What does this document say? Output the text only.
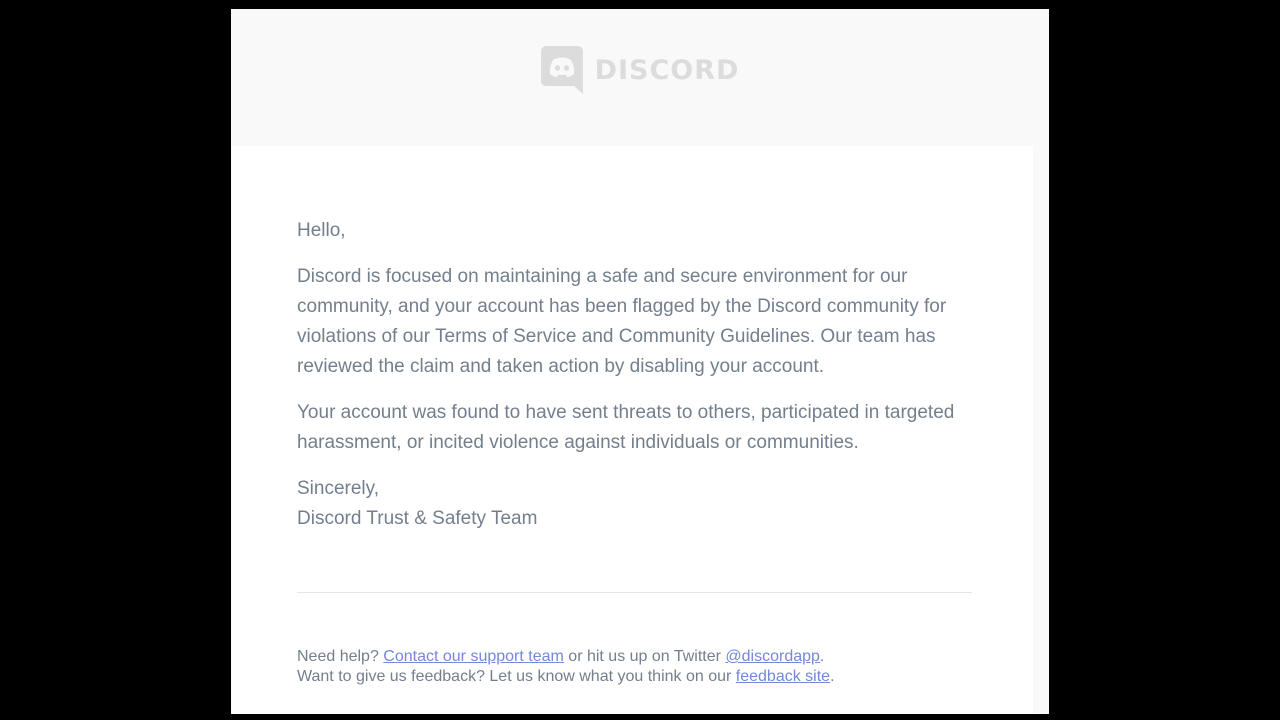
DISCORD

Hello,

Discord is focused on maintaining a safe and secure environment for our community, and your account has been flagged by the Discord community for violations of our Terms of Service and Community Guidelines. Our team has reviewed the claim and taken action by disabling your account.

Your account was found to have sent threats to others, participated in targeted harassment, or incited violence against individuals or communities.

Sincerely,
Discord Trust & Safety Team

Need help? Contact our support team or hit us up on Twitter @discordapp.
Want to give us feedback? Let us know what you think on our feedback site.
